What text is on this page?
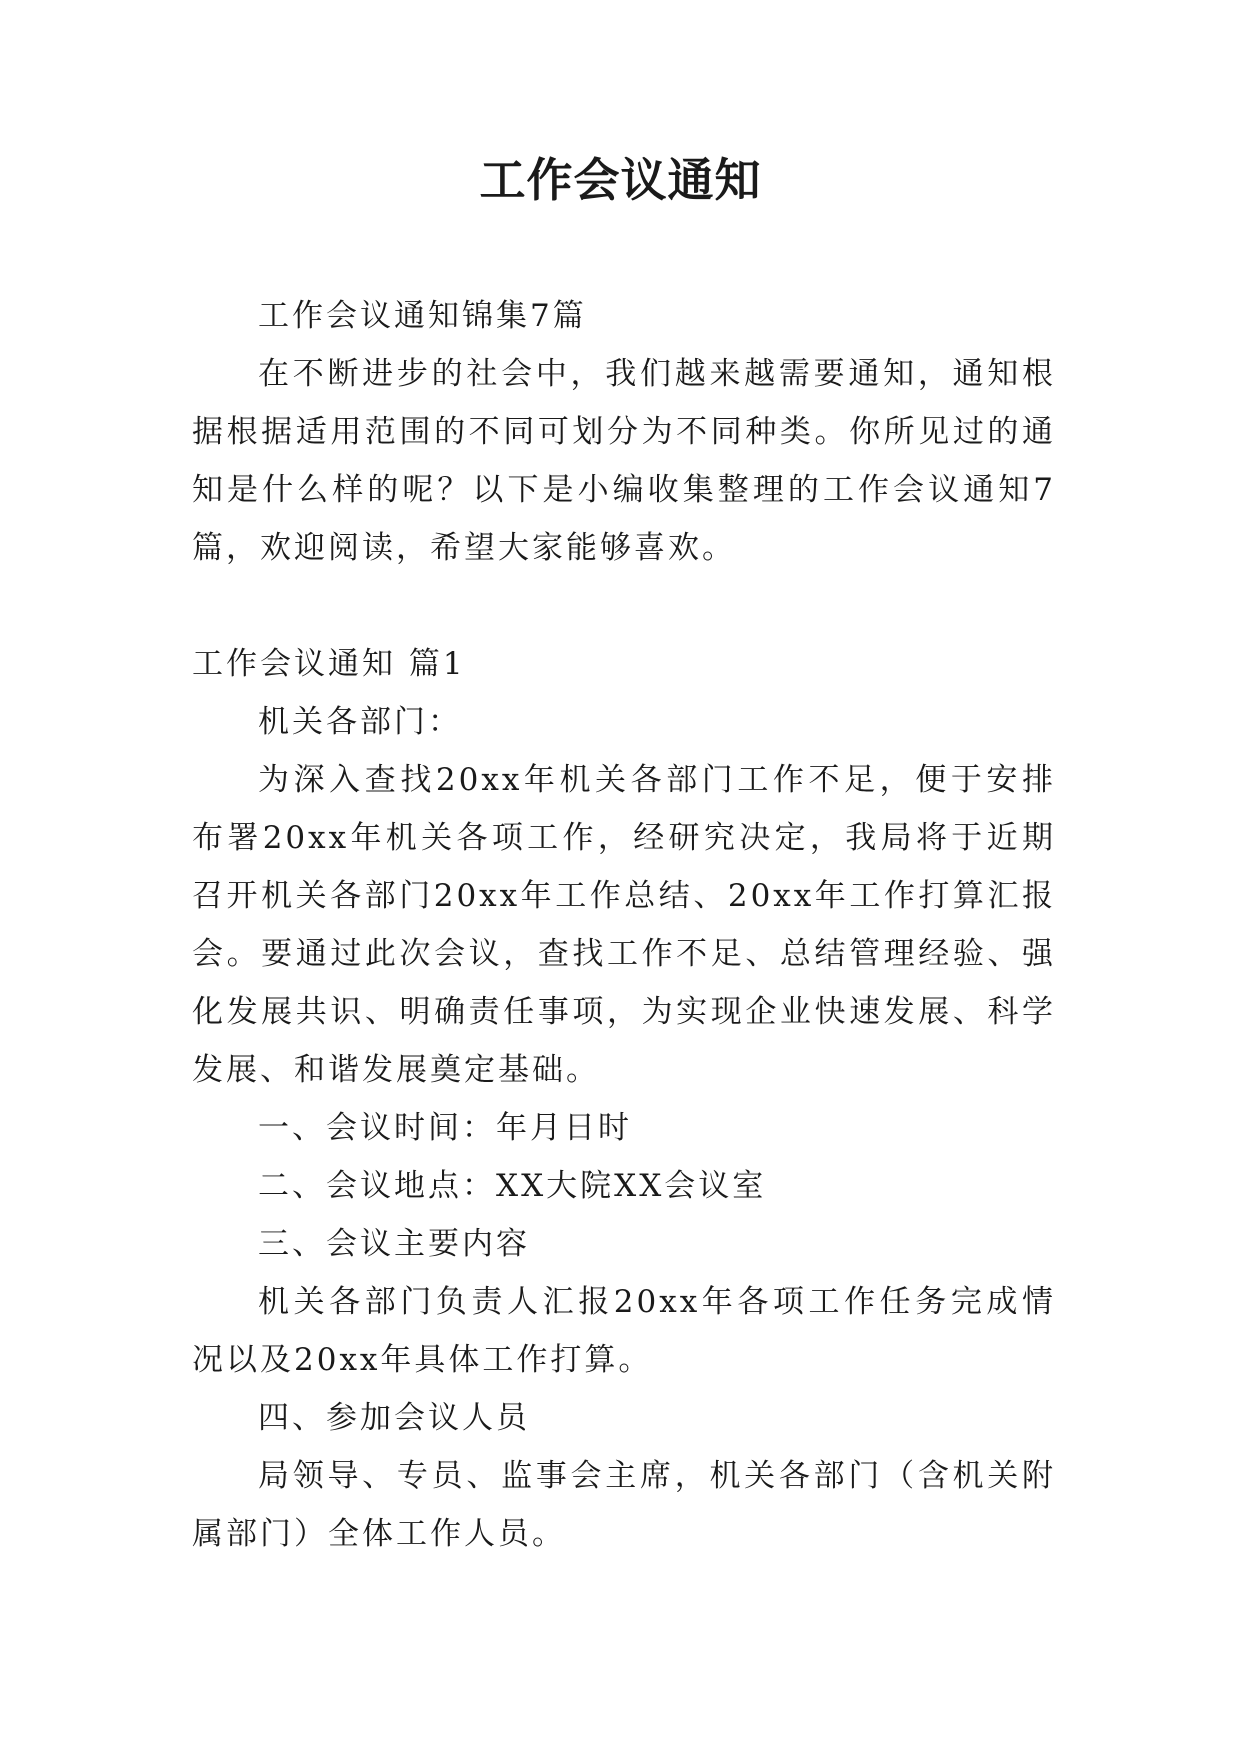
工作会议通知

工作会议通知锦集7篇

在不断进步的社会中，我们越来越需要通知，通知根据根据适用范围的不同可划分为不同种类。你所见过的通知是什么样的呢？以下是小编收集整理的工作会议通知7篇，欢迎阅读，希望大家能够喜欢。

工作会议通知 篇1

机关各部门：

为深入查找20xx年机关各部门工作不足，便于安排布署20xx年机关各项工作，经研究决定，我局将于近期召开机关各部门20xx年工作总结、20xx年工作打算汇报会。要通过此次会议，查找工作不足、总结管理经验、强化发展共识、明确责任事项，为实现企业快速发展、科学发展、和谐发展奠定基础。

一、会议时间：年月日时

二、会议地点：XX大院XX会议室

三、会议主要内容

机关各部门负责人汇报20xx年各项工作任务完成情况以及20xx年具体工作打算。

四、参加会议人员

局领导、专员、监事会主席，机关各部门（含机关附属部门）全体工作人员。
